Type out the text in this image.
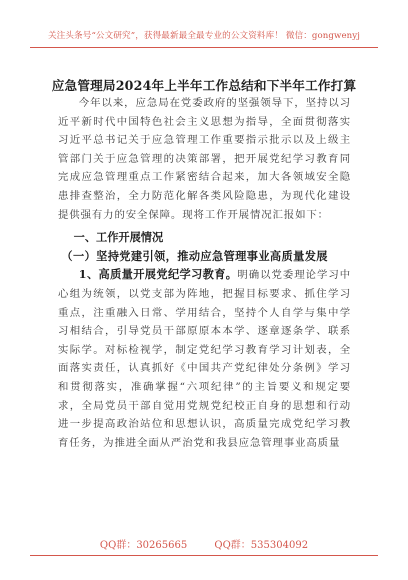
关注头条号“公文研究”，获得最新最全最专业的公文资料库！ 微信：gongwenyj
应急管理局2024年上半年工作总结和下半年工作打算

今年以来，应急局在党委政府的坚强领导下，坚持以习近平新时代中国特色社会主义思想为指导，全面贯彻落实习近平总书记关于应急管理工作重要指示批示以及上级主管部门关于应急管理的决策部署，把开展党纪学习教育同完成应急管理重点工作紧密结合起来，加大各领域安全隐患排查整治，全力防范化解各类风险隐患，为现代化建设提供强有力的安全保障。现将工作开展情况汇报如下：

一、工作开展情况

（一）坚持党建引领，推动应急管理事业高质量发展

1、高质量开展党纪学习教育。明确以党委理论学习中心组为统领，以党支部为阵地，把握目标要求、抓住学习重点，注重融入日常、学用结合，坚持个人自学与集中学习相结合，引导党员干部原原本本学、逐章逐条学、联系实际学。对标检视学，制定党纪学习教育学习计划表，全面落实责任，认真抓好《中国共产党纪律处分条例》学习和贯彻落实，准确掌握“六项纪律”的主旨要义和规定要求，全局党员干部自觉用党规党纪校正自身的思想和行动进一步提高政治站位和思想认识，高质量完成党纪学习教育任务，为推进全面从严治党和我县应急管理事业高质量

QQ群：30265665	QQ群：535304092
